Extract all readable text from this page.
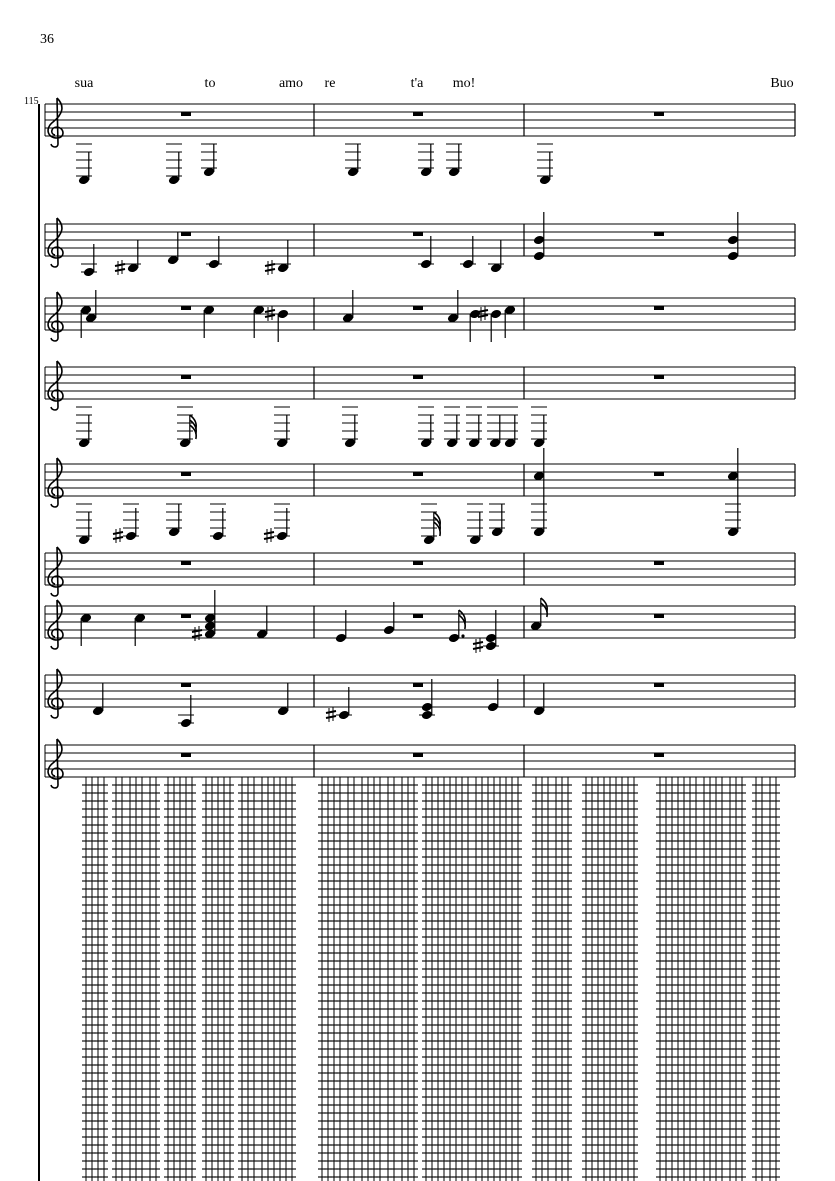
36
115
sua	to	amo re	t'a mo!	Buo
